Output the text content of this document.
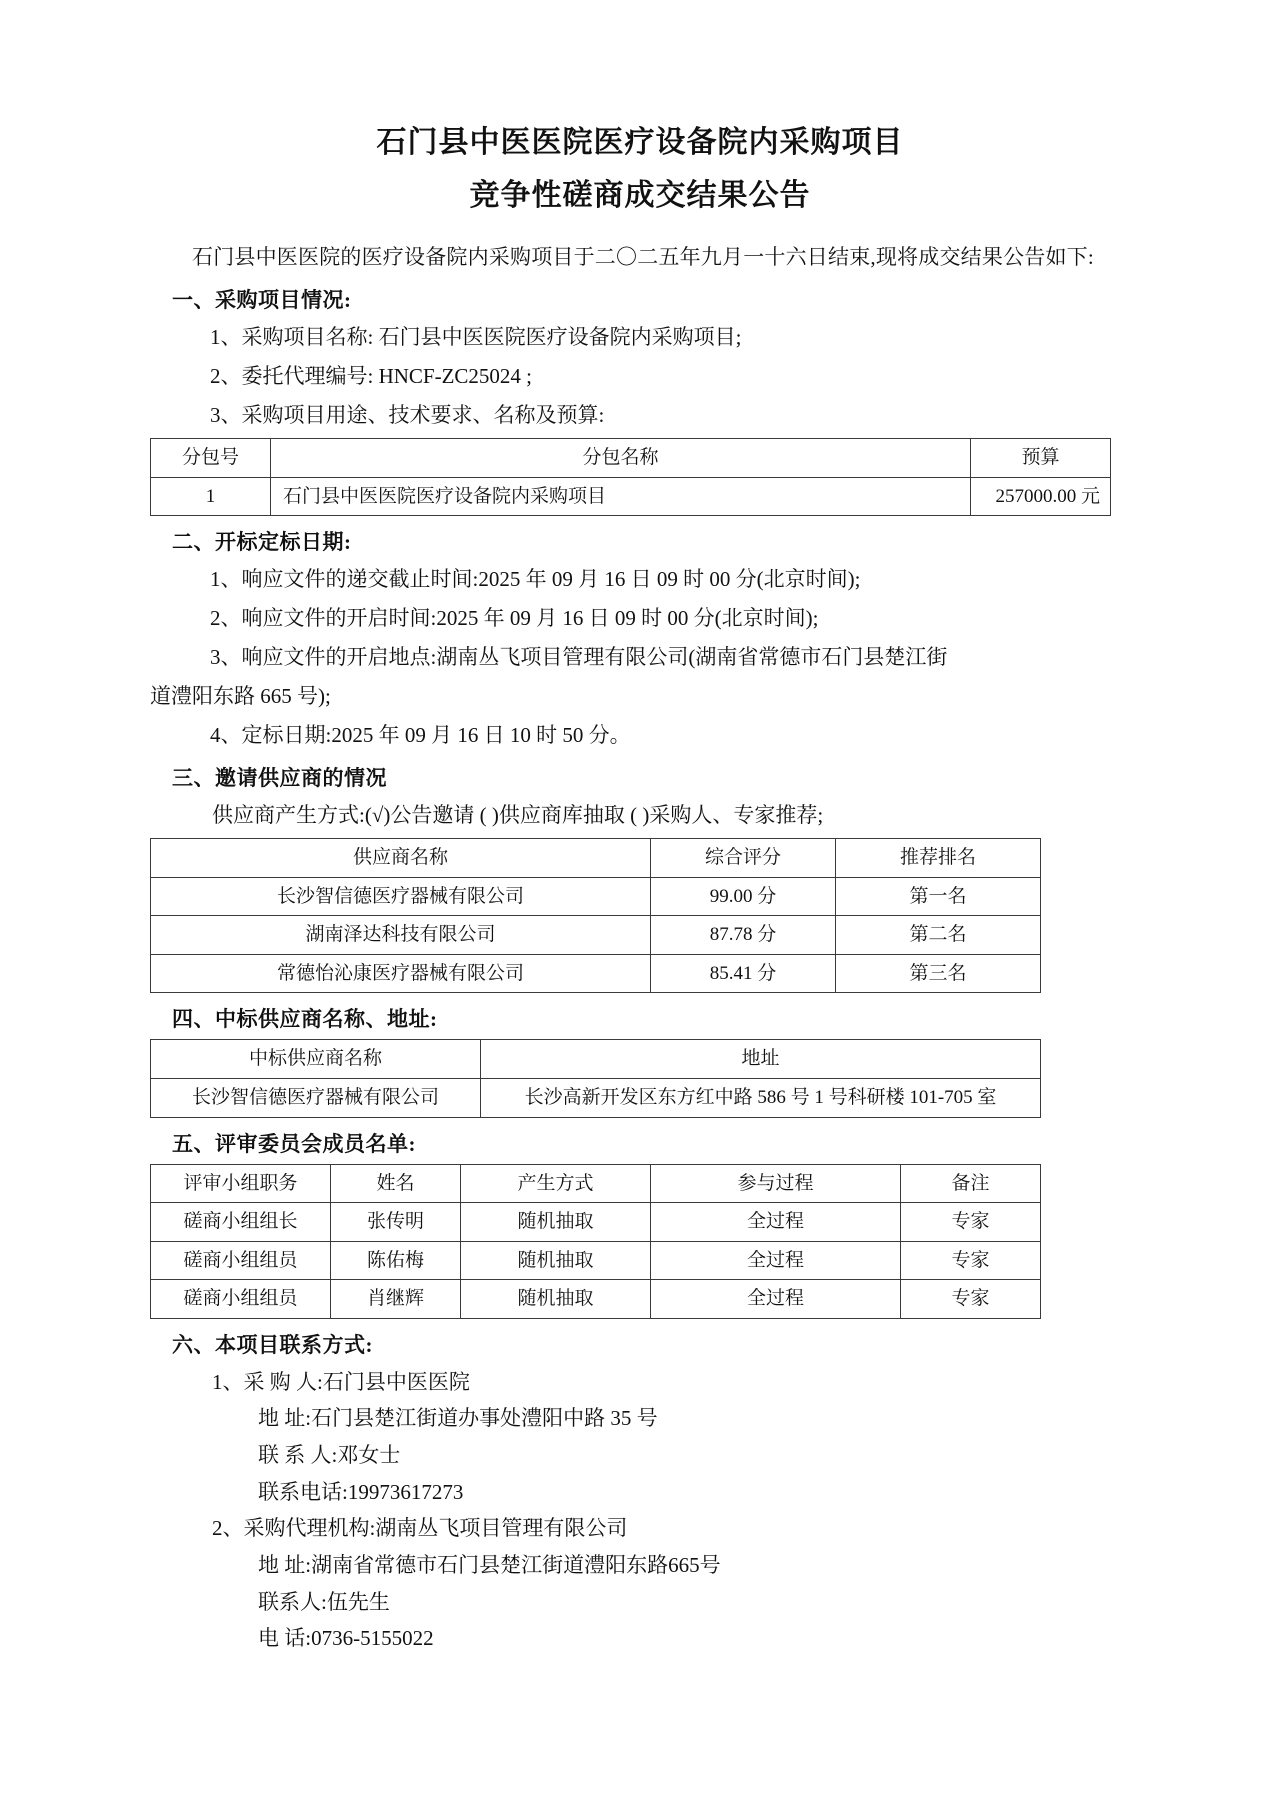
石门县中医医院医疗设备院内采购项目
竞争性磋商成交结果公告

石门县中医医院的医疗设备院内采购项目于二〇二五年九月一十六日结束,现将成交结果公告如下:

一、采购项目情况:
1、采购项目名称: 石门县中医医院医疗设备院内采购项目;
2、委托代理编号: HNCF-ZC25024 ;
3、采购项目用途、技术要求、名称及预算:
分包号	分包名称	预算
1	石门县中医医院医疗设备院内采购项目	257000.00 元
二、开标定标日期:
1、响应文件的递交截止时间:2025 年 09 月 16 日 09 时 00 分(北京时间);
2、响应文件的开启时间:2025 年 09 月 16 日 09 时 00 分(北京时间);
3、响应文件的开启地点:湖南丛飞项目管理有限公司(湖南省常德市石门县楚江街
道澧阳东路 665 号);
4、定标日期:2025 年 09 月 16 日 10 时 50 分。
三、邀请供应商的情况
供应商产生方式:(√)公告邀请 ( )供应商库抽取 ( )采购人、专家推荐;
供应商名称	综合评分	推荐排名
长沙智信德医疗器械有限公司	99.00 分	第一名
湖南泽达科技有限公司	87.78 分	第二名
常德怡沁康医疗器械有限公司	85.41 分	第三名
四、中标供应商名称、地址:
中标供应商名称	地址
长沙智信德医疗器械有限公司	长沙高新开发区东方红中路 586 号 1 号科研楼 101-705 室
五、评审委员会成员名单:
评审小组职务	姓名	产生方式	参与过程	备注
磋商小组组长	张传明	随机抽取	全过程	专家
磋商小组组员	陈佑梅	随机抽取	全过程	专家
磋商小组组员	肖继辉	随机抽取	全过程	专家
六、本项目联系方式:
1、采 购 人:石门县中医医院
地 址:石门县楚江街道办事处澧阳中路 35 号
联 系 人:邓女士
联系电话:19973617273
2、采购代理机构:湖南丛飞项目管理有限公司
地 址:湖南省常德市石门县楚江街道澧阳东路665号
联系人:伍先生
电 话:0736-5155022
